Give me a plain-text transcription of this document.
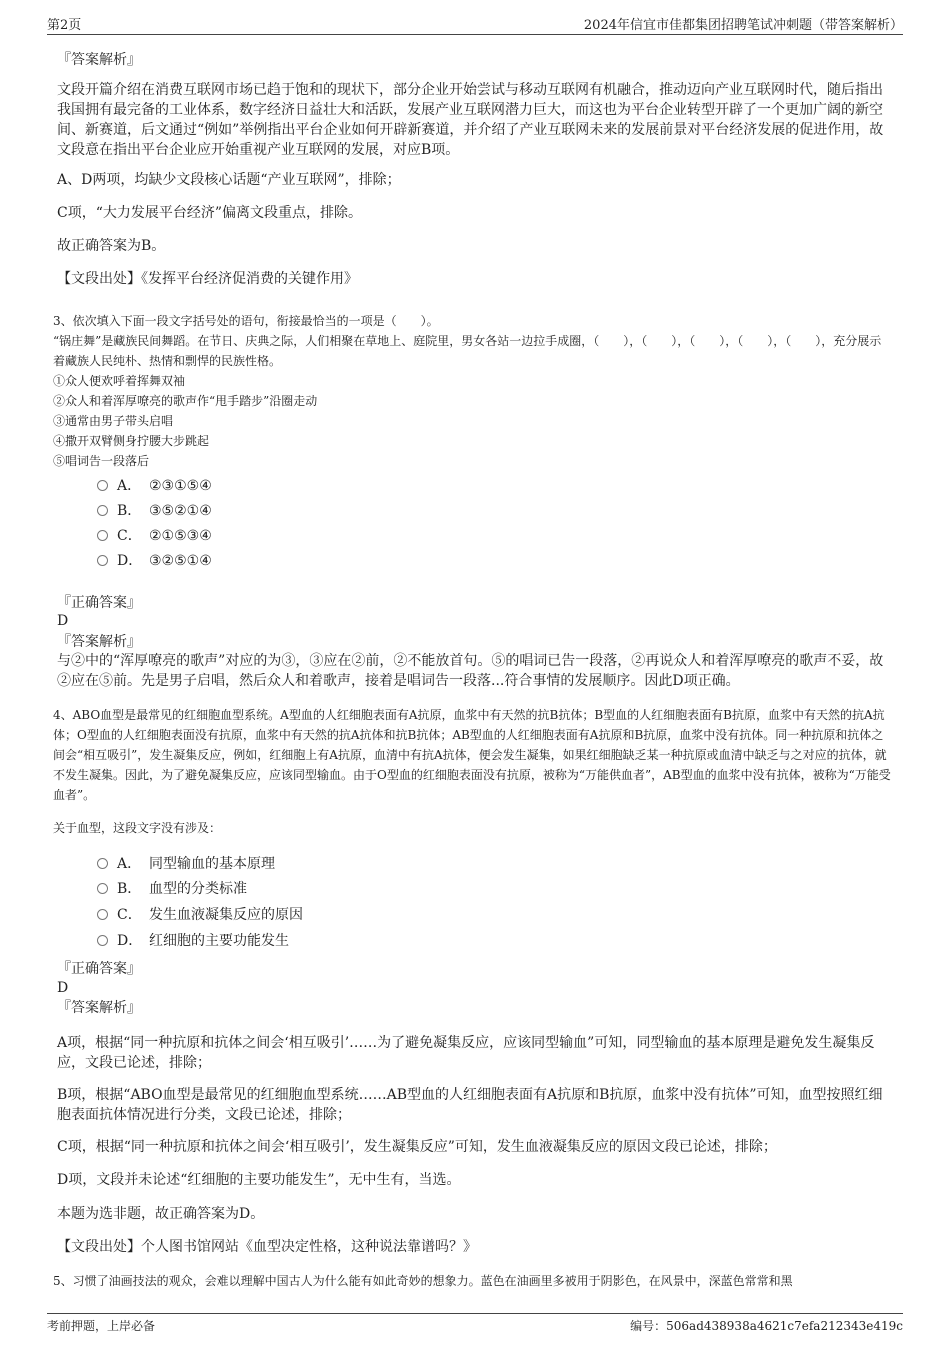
第2页	2024年信宜市佳都集团招聘笔试冲刺题（带答案解析）

『答案解析』

文段开篇介绍在消费互联网市场已趋于饱和的现状下，部分企业开始尝试与移动互联网有机融合，推动迈向产业互联网时代，随后指出我国拥有最完备的工业体系，数字经济日益壮大和活跃，发展产业互联网潜力巨大，而这也为平台企业转型开辟了一个更加广阔的新空间、新赛道，后文通过“例如”举例指出平台企业如何开辟新赛道，并介绍了产业互联网未来的发展前景对平台经济发展的促进作用，故文段意在指出平台企业应开始重视产业互联网的发展，对应B项。

A、D两项，均缺少文段核心话题“产业互联网”，排除；

C项，“大力发展平台经济”偏离文段重点，排除。

故正确答案为B。

【文段出处】《发挥平台经济促消费的关键作用》

3、依次填入下面一段文字括号处的语句，衔接最恰当的一项是（　　）。

“锅庄舞”是藏族民间舞蹈。在节日、庆典之际，人们相聚在草地上、庭院里，男女各站一边拉手成圈，（　　），（　　），（　　），（　　），（　　），充分展示着藏族人民纯朴、热情和剽悍的民族性格。

①众人便欢呼着挥舞双袖

②众人和着浑厚嘹亮的歌声作“甩手踏步”沿圈走动

③通常由男子带头启唱

④撒开双臂侧身拧腰大步跳起

⑤唱词告一段落后

A． ②③①⑤④
B． ③⑤②①④
C． ②①⑤③④
D． ③②⑤①④

『正确答案』

D

『答案解析』

与②中的“浑厚嘹亮的歌声”对应的为③，③应在②前，②不能放首句。⑤的唱词已告一段落，②再说众人和着浑厚嘹亮的歌声不妥，故②应在⑤前。先是男子启唱，然后众人和着歌声，接着是唱词告一段落...符合事情的发展顺序。因此D项正确。

4、ABO血型是最常见的红细胞血型系统。A型血的人红细胞表面有A抗原，血浆中有天然的抗B抗体；B型血的人红细胞表面有B抗原，血浆中有天然的抗A抗体；O型血的人红细胞表面没有抗原，血浆中有天然的抗A抗体和抗B抗体；AB型血的人红细胞表面有A抗原和B抗原，血浆中没有抗体。同一种抗原和抗体之间会“相互吸引”，发生凝集反应，例如，红细胞上有A抗原，血清中有抗A抗体，便会发生凝集，如果红细胞缺乏某一种抗原或血清中缺乏与之对应的抗体，就不发生凝集。因此，为了避免凝集反应，应该同型输血。由于O型血的红细胞表面没有抗原，被称为“万能供血者”，AB型血的血浆中没有抗体，被称为“万能受血者”。

关于血型，这段文字没有涉及：

A． 同型输血的基本原理
B． 血型的分类标准
C． 发生血液凝集反应的原因
D． 红细胞的主要功能发生

『正确答案』

D

『答案解析』

A项，根据“同一种抗原和抗体之间会‘相互吸引’……为了避免凝集反应，应该同型输血”可知，同型输血的基本原理是避免发生凝集反应，文段已论述，排除；

B项，根据“ABO血型是最常见的红细胞血型系统……AB型血的人红细胞表面有A抗原和B抗原，血浆中没有抗体”可知，血型按照红细胞表面抗体情况进行分类，文段已论述，排除；

C项，根据“同一种抗原和抗体之间会‘相互吸引’，发生凝集反应”可知，发生血液凝集反应的原因文段已论述，排除；

D项，文段并未论述“红细胞的主要功能发生”，无中生有，当选。

本题为选非题，故正确答案为D。

【文段出处】个人图书馆网站《血型决定性格，这种说法靠谱吗？》

5、习惯了油画技法的观众，会难以理解中国古人为什么能有如此奇妙的想象力。蓝色在油画里多被用于阴影色，在风景中，深蓝色常常和黑

考前押题，上岸必备	编号：506ad438938a4621c7efa212343e419c
